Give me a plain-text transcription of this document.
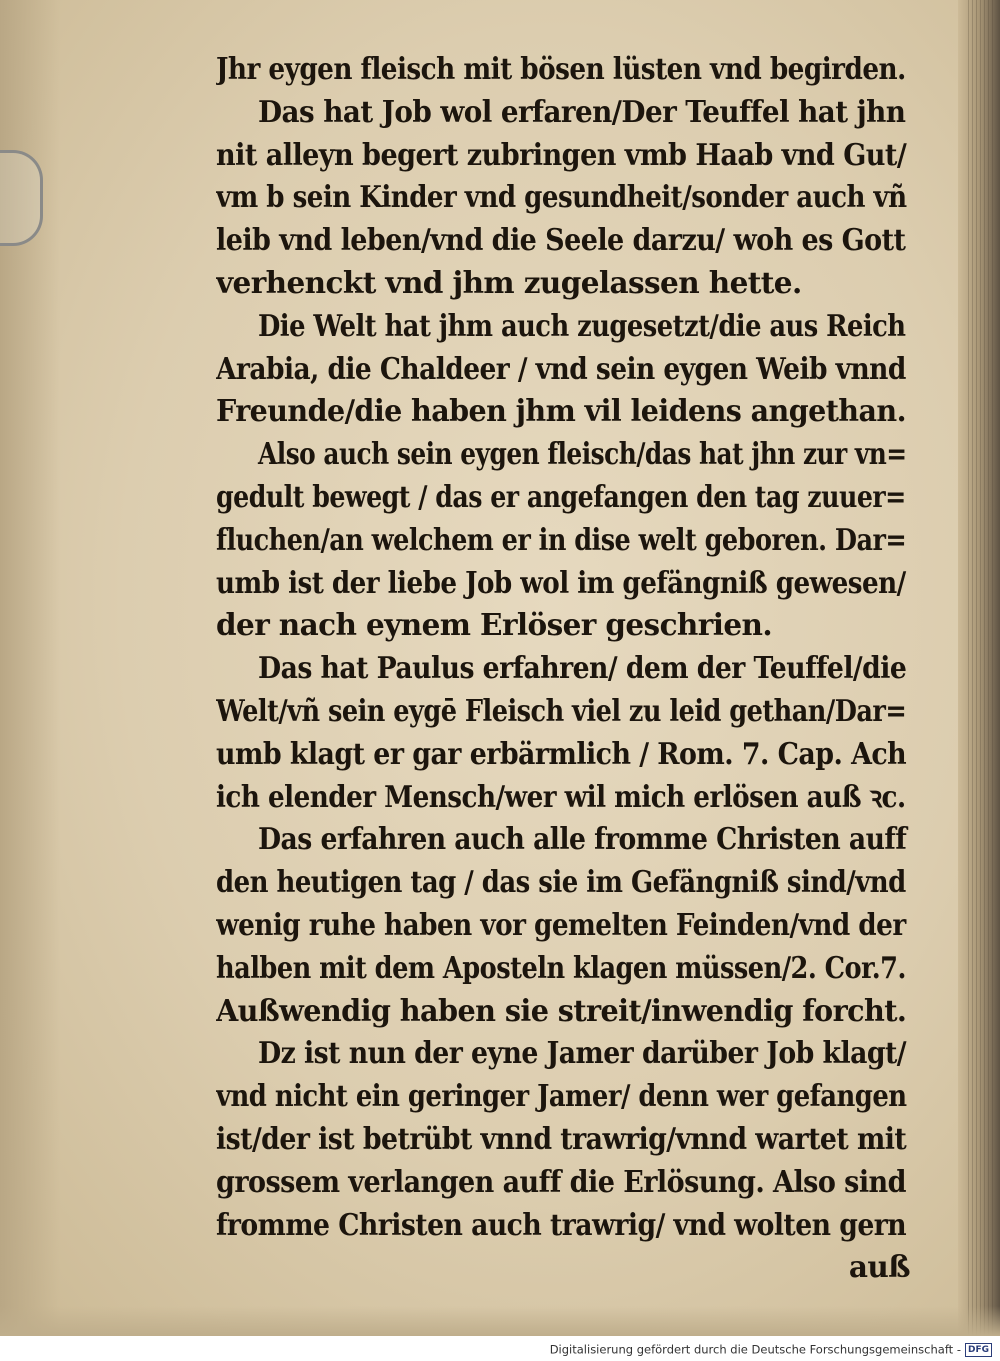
Jhr eygen fleisch mit bösen lüsten vnd begirden.
Das hat Job wol erfaren/Der Teuffel hat jhn
nit alleyn begert zubringen vmb Haab vnd Gut/
vm b sein Kinder vnd gesundheit/sonder auch vñ
leib vnd leben/vnd die Seele darzu/ woh es Gott
verhenckt vnd jhm zugelassen hette.
Die Welt hat jhm auch zugesetzt/die aus Reich
Arabia, die Chaldeer / vnd sein eygen Weib vnnd
Freunde/die haben jhm vil leidens angethan.
Also auch sein eygen fleisch/das hat jhn zur vn=
gedult bewegt / das er angefangen den tag zuuer=
fluchen/an welchem er in dise welt geboren. Dar=
umb ist der liebe Job wol im gefängniß gewesen/
der nach eynem Erlöser geschrien.
Das hat Paulus erfahren/ dem der Teuffel/die
Welt/vñ sein eygē Fleisch viel zu leid gethan/Dar=
umb klagt er gar erbärmlich / Rom. 7. Cap. Ach
ich elender Mensch/wer wil mich erlösen auß ꝛc.
Das erfahren auch alle fromme Christen auff
den heutigen tag / das sie im Gefängniß sind/vnd
wenig ruhe haben vor gemelten Feinden/vnd der
halben mit dem Aposteln klagen müssen/2. Cor.7.
Außwendig haben sie streit/inwendig forcht.
Dz ist nun der eyne Jamer darüber Job klagt/
vnd nicht ein geringer Jamer/ denn wer gefangen
ist/der ist betrübt vnnd trawrig/vnnd wartet mit
grossem verlangen auff die Erlösung. Also sind
fromme Christen auch trawrig/ vnd wolten gern
auß
Digitalisierung gefördert durch die Deutsche Forschungsgemeinschaft - DFG
